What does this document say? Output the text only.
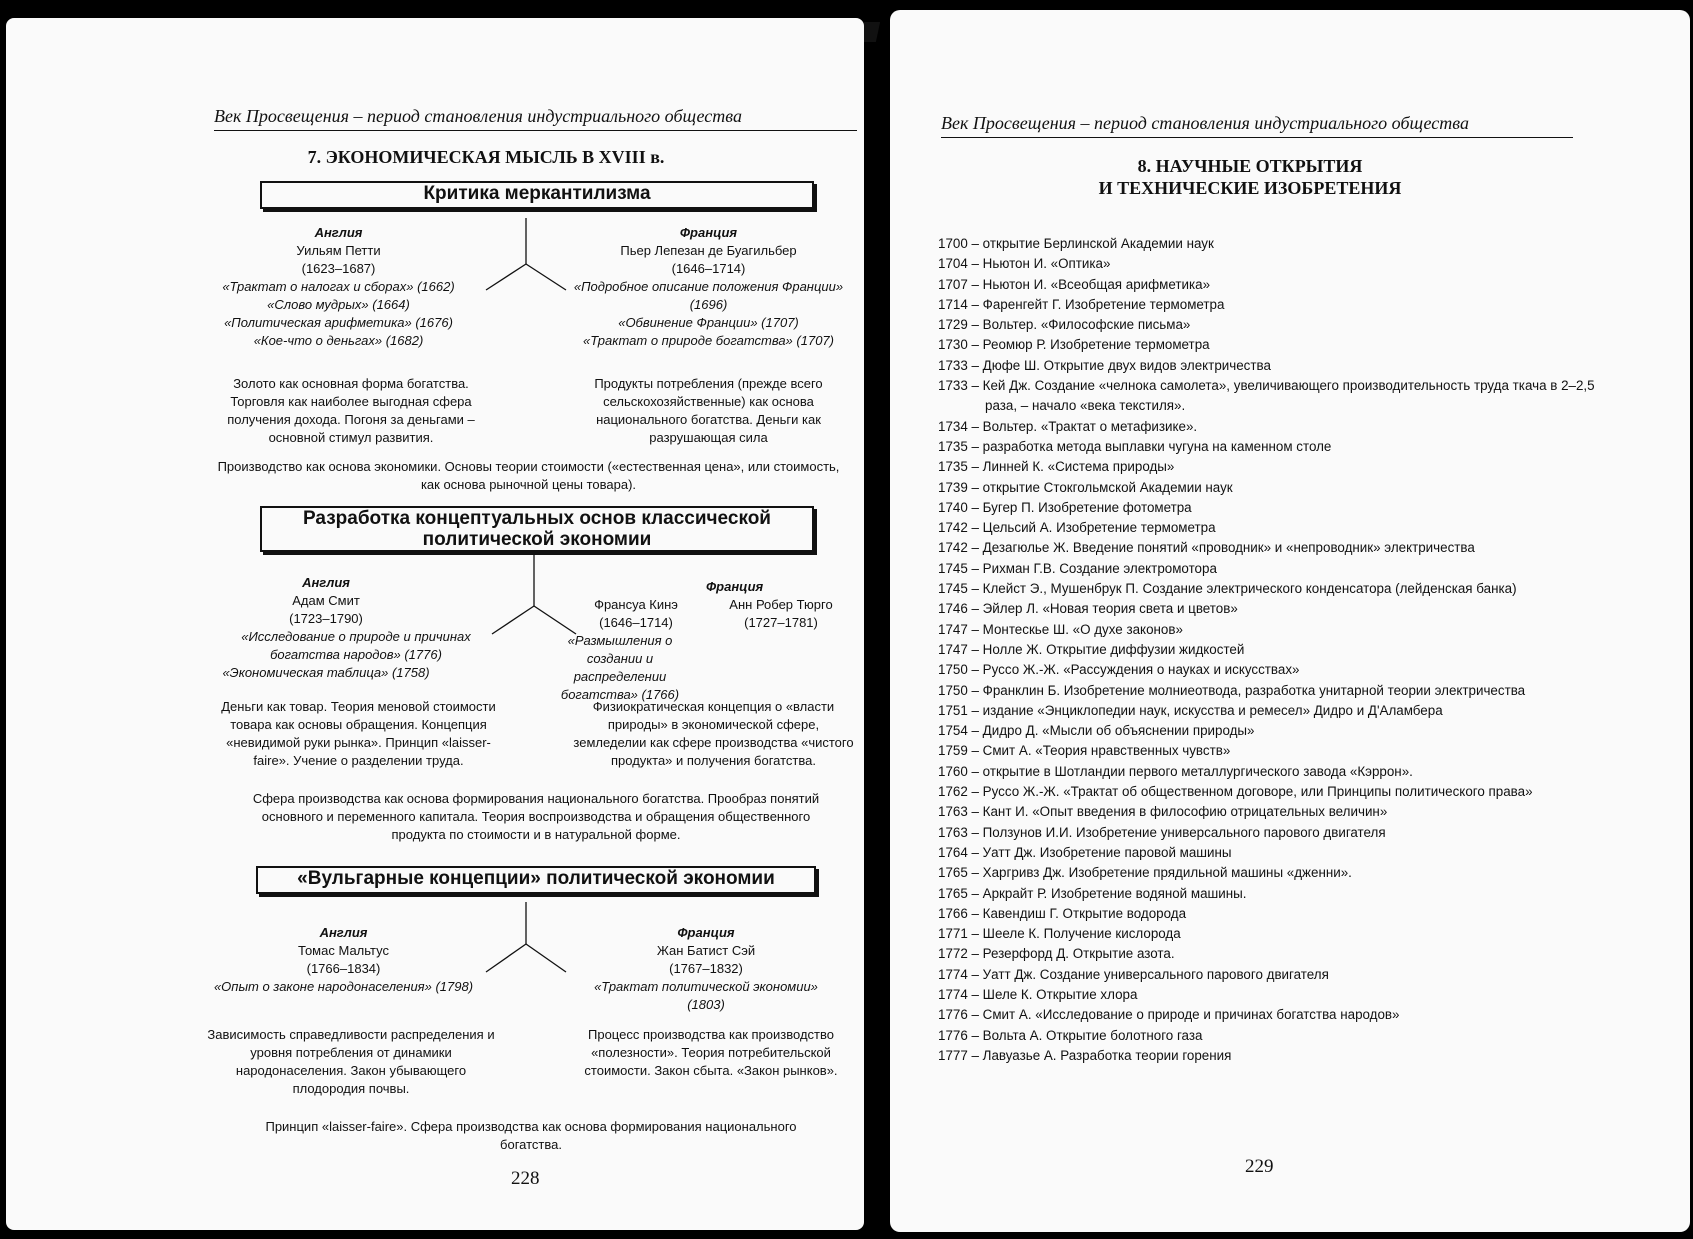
Век Просвещения – период становления индустриального общества
7. ЭКОНОМИЧЕСКАЯ МЫСЛЬ В XVIII в.
Критика меркантилизма
Англия
Уильям Петти
(1623–1687)
«Трактат о налогах и сборах» (1662)
«Слово мудрых» (1664)
«Политическая арифметика» (1676)
«Кое-что о деньгах» (1682)
Франция
Пьер Лепезан де Буагильбер
(1646–1714)
«Подробное описание положения Франции» (1696)
«Обвинение Франции» (1707)
«Трактат о природе богатства» (1707)
Золото как основная форма богатства. Торговля как наиболее выгодная сфера получения дохода. Погоня за деньгами – основной стимул развития.
Продукты потребления (прежде всего сельскохозяйственные) как основа национального богатства. Деньги как разрушающая сила
Производство как основа экономики. Основы теории стоимости («естественная цена», или стоимость, как основа рыночной цены товара).
Разработка концептуальных основ классической
политической экономии
Англия
Адам Смит
(1723–1790)
«Исследование о природе и причинах богатства народов» (1776)
«Экономическая таблица» (1758)
Франция
Франсуа Кинэ
(1646–1714)
«Размышления о создании и распределении богатства» (1766)
Анн Робер Тюрго
(1727–1781)
Деньги как товар. Теория меновой стоимости товара как основы обращения. Концепция «невидимой руки рынка». Принцип «laisser-faire». Учение о разделении труда.
Физиократическая концепция о «власти природы» в экономической сфере, земледелии как сфере производства «чистого продукта» и получения богатства.
Сфера производства как основа формирования национального богатства. Прообраз понятий основного и переменного капитала. Теория воспроизводства и обращения общественного продукта по стоимости и в натуральной форме.
«Вульгарные концепции» политической экономии
Англия
Томас Мальтус
(1766–1834)
«Опыт о законе народонаселения» (1798)
Франция
Жан Батист Сэй
(1767–1832)
«Трактат политической экономии» (1803)
Зависимость справедливости распределения и уровня потребления от динамики народонаселения. Закон убывающего плодородия почвы.
Процесс производства как производство «полезности». Теория потребительской стоимости. Закон сбыта. «Закон рынков».
Принцип «laisser-faire». Сфера производства как основа формирования национального богатства.
228
Век Просвещения – период становления индустриального общества
8. НАУЧНЫЕ ОТКРЫТИЯ
И ТЕХНИЧЕСКИЕ ИЗОБРЕТЕНИЯ
1700 – открытие Берлинской Академии наук
1704 – Ньютон И. «Оптика»
1707 – Ньютон И. «Всеобщая арифметика»
1714 – Фаренгейт Г. Изобретение термометра
1729 – Вольтер. «Философские письма»
1730 – Реомюр Р. Изобретение термометра
1733 – Дюфе Ш. Открытие двух видов электричества
1733 – Кей Дж. Создание «челнока самолета», увеличивающего производительность труда ткача в 2–2,5 раза, – начало «века текстиля».
1734 – Вольтер. «Трактат о метафизике».
1735 – разработка метода выплавки чугуна на каменном столе
1735 – Линней К. «Система природы»
1739 – открытие Стокгольмской Академии наук
1740 – Бугер П. Изобретение фотометра
1742 – Цельсий А. Изобретение термометра
1742 – Дезагюлье Ж. Введение понятий «проводник» и «непроводник» электричества
1745 – Рихман Г.В. Создание электромотора
1745 – Клейст Э., Мушенбрук П. Создание электрического конденсатора (лейденская банка)
1746 – Эйлер Л. «Новая теория света и цветов»
1747 – Монтескье Ш. «О духе законов»
1747 – Нолле Ж. Открытие диффузии жидкостей
1750 – Руссо Ж.-Ж. «Рассуждения о науках и искусствах»
1750 – Франклин Б. Изобретение молниеотвода, разработка унитарной теории электричества
1751 – издание «Энциклопедии наук, искусства и ремесел» Дидро и Д'Аламбера
1754 – Дидро Д. «Мысли об объяснении природы»
1759 – Смит А. «Теория нравственных чувств»
1760 – открытие в Шотландии первого металлургического завода «Кэррон».
1762 – Руссо Ж.-Ж. «Трактат об общественном договоре, или Принципы политического права»
1763 – Кант И. «Опыт введения в философию отрицательных величин»
1763 – Ползунов И.И. Изобретение универсального парового двигателя
1764 – Уатт Дж. Изобретение паровой машины
1765 – Харгривз Дж. Изобретение прядильной машины «дженни».
1765 – Аркрайт Р. Изобретение водяной машины.
1766 – Кавендиш Г. Открытие водорода
1771 – Шееле К. Получение кислорода
1772 – Резерфорд Д. Открытие азота.
1774 – Уатт Дж. Создание универсального парового двигателя
1774 – Шеле К. Открытие хлора
1776 – Смит А. «Исследование о природе и причинах богатства народов»
1776 – Вольта А. Открытие болотного газа
1777 – Лавуазье А. Разработка теории горения
229
